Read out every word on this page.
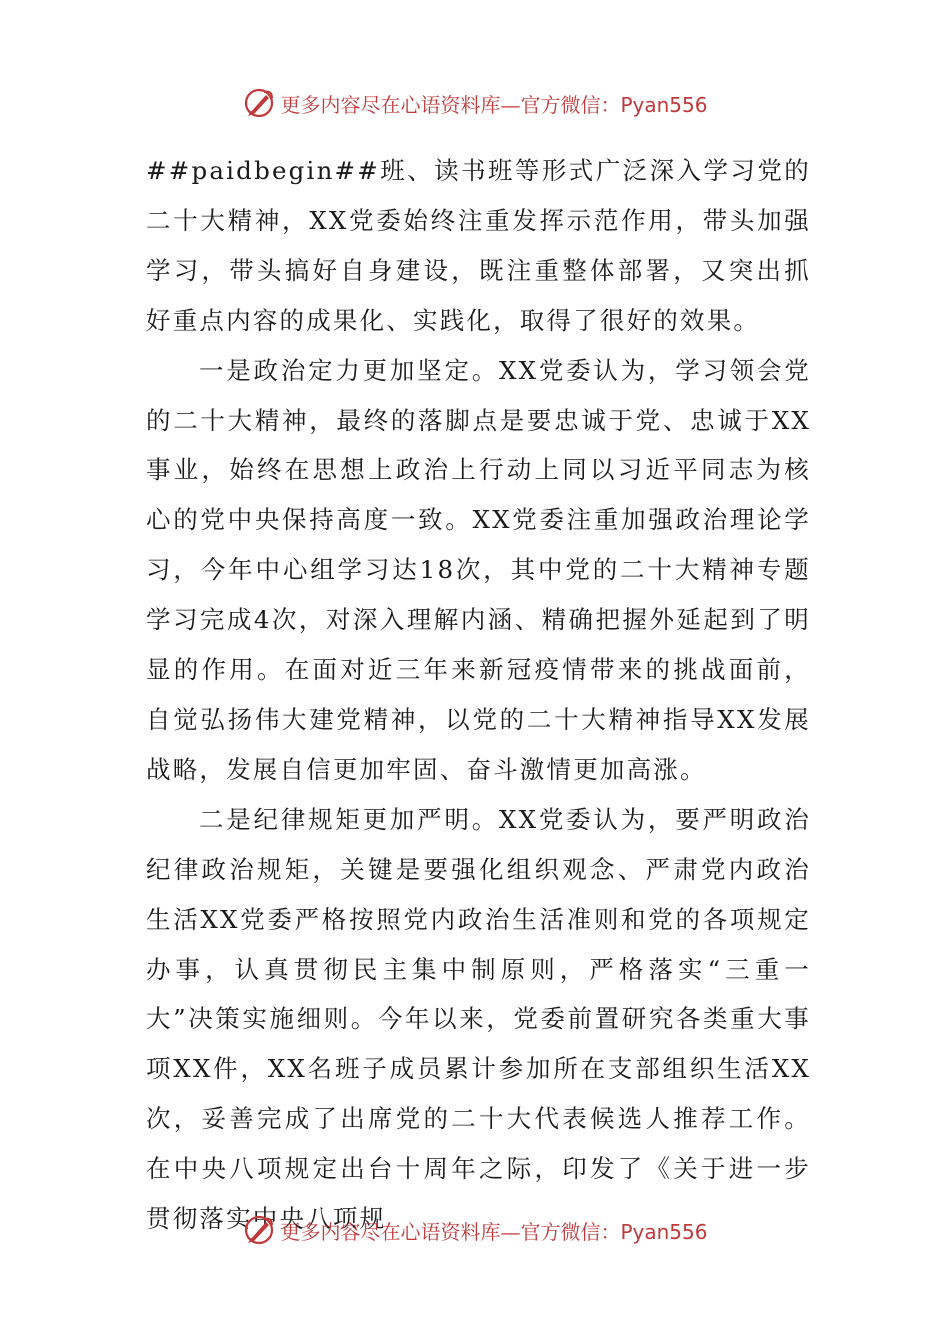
更多内容尽在心语资料库—官方微信：Pyan556

##paidbegin##班、读书班等形式广泛深入学习党的二十大精神，XX党委始终注重发挥示范作用，带头加强学习，带头搞好自身建设，既注重整体部署，又突出抓好重点内容的成果化、实践化，取得了很好的效果。

一是政治定力更加坚定。XX党委认为，学习领会党的二十大精神，最终的落脚点是要忠诚于党、忠诚于XX事业，始终在思想上政治上行动上同以习近平同志为核心的党中央保持高度一致。XX党委注重加强政治理论学习，今年中心组学习达18次，其中党的二十大精神专题学习完成4次，对深入理解内涵、精确把握外延起到了明显的作用。在面对近三年来新冠疫情带来的挑战面前，自觉弘扬伟大建党精神，以党的二十大精神指导XX发展战略，发展自信更加牢固、奋斗激情更加高涨。

二是纪律规矩更加严明。XX党委认为，要严明政治纪律政治规矩，关键是要强化组织观念、严肃党内政治生活XX党委严格按照党内政治生活准则和党的各项规定办事，认真贯彻民主集中制原则，严格落实“三重一大”决策实施细则。今年以来，党委前置研究各类重大事项XX件，XX名班子成员累计参加所在支部组织生活XX次，妥善完成了出席党的二十大代表候选人推荐工作。在中央八项规定出台十周年之际，印发了《关于进一步贯彻落实中央八项规

更多内容尽在心语资料库—官方微信：Pyan556
